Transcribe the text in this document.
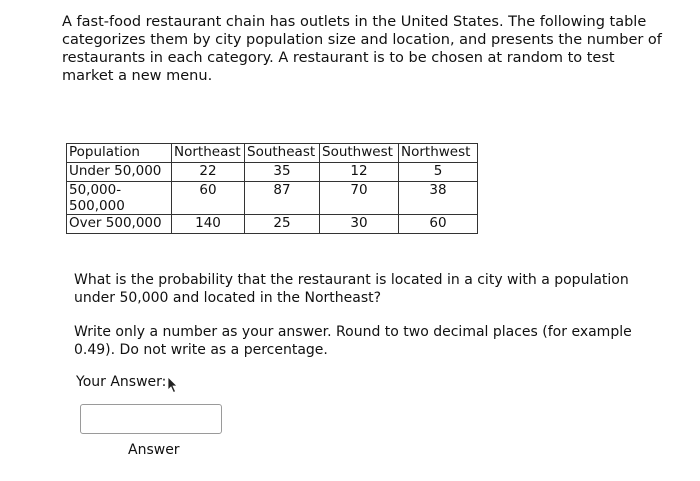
A fast-food restaurant chain has outlets in the United States. The following table categorizes them by city population size and location, and presents the number of restaurants in each category. A restaurant is to be chosen at random to test market a new menu.

Population	Northeast	Southeast	Southwest	Northwest
Under 50,000	22	35	12	5
50,000-
500,000	60	87	70	38
Over 500,000	140	25	30	60

What is the probability that the restaurant is located in a city with a population under 50,000 and located in the Northeast?

Write only a number as your answer. Round to two decimal places (for example 0.49). Do not write as a percentage.

Your Answer:
Answer
